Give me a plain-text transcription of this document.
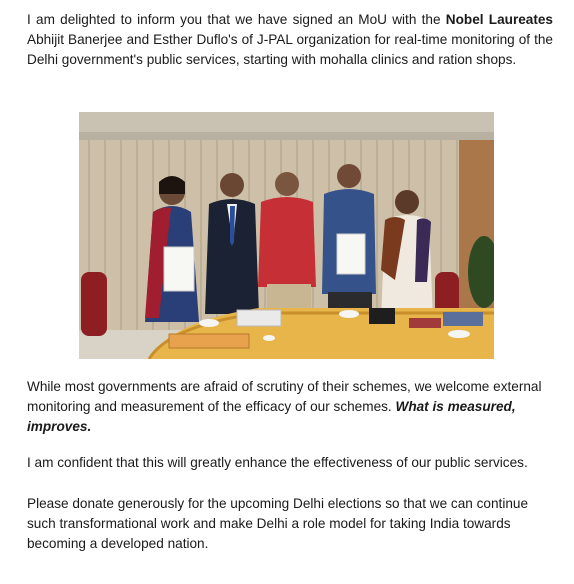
I am delighted to inform you that we have signed an MoU with the Nobel Laureates Abhijit Banerjee and Esther Duflo's of J-PAL organization for real-time monitoring of the Delhi government's public services, starting with mohalla clinics and ration shops.

While most governments are afraid of scrutiny of their schemes, we welcome external monitoring and measurement of the efficacy of our schemes. What is measured, improves.

I am confident that this will greatly enhance the effectiveness of our public services.

Please donate generously for the upcoming Delhi elections so that we can continue such transformational work and make Delhi a role model for taking India towards becoming a developed nation.
